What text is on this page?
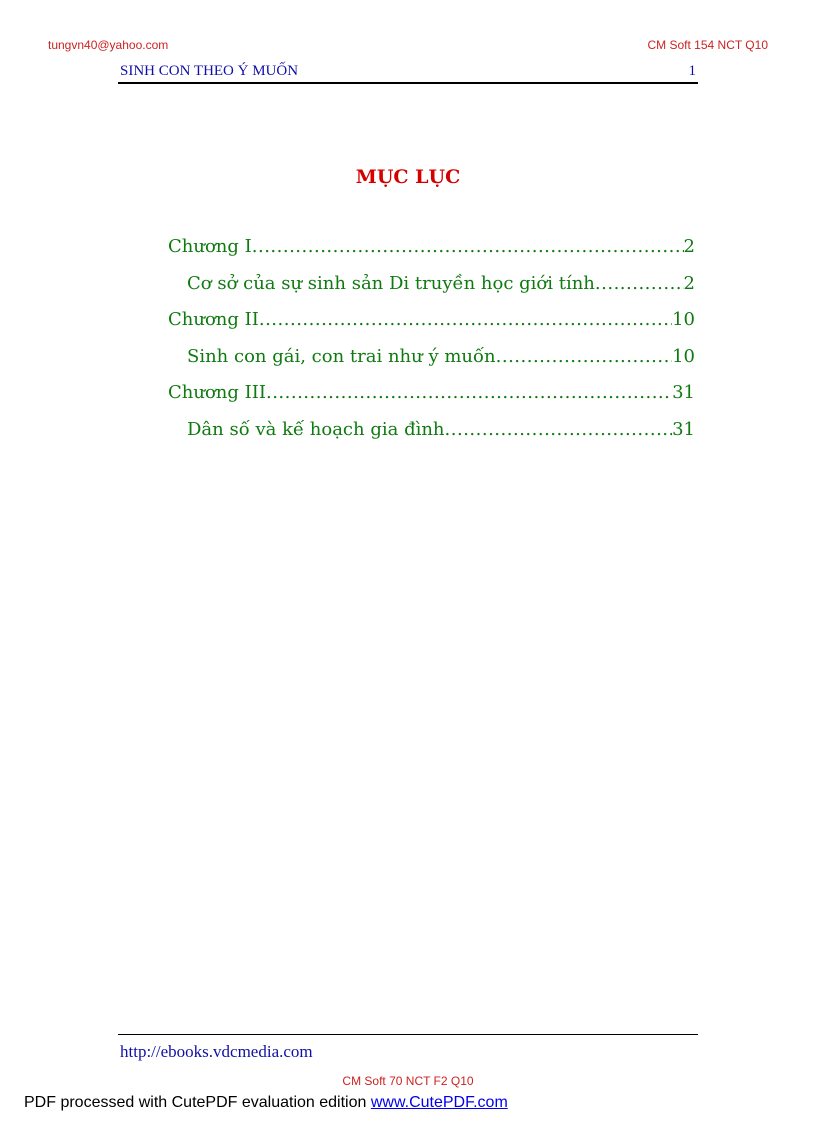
tungvn40@yahoo.com	CM Soft 154 NCT Q10
SINH CON THEO Ý MUỐN	1
MỤC LỤC
Chương I .....	2
Cơ sở của sự sinh sản Di truyền học giới tính .....	2
Chương II .....	10
Sinh con gái, con trai như ý muốn .....	10
Chương III .....	31
Dân số và kế hoạch gia đình .....	31
http://ebooks.vdcmedia.com
CM Soft 70 NCT F2 Q10
PDF processed with CutePDF evaluation edition www.CutePDF.com
